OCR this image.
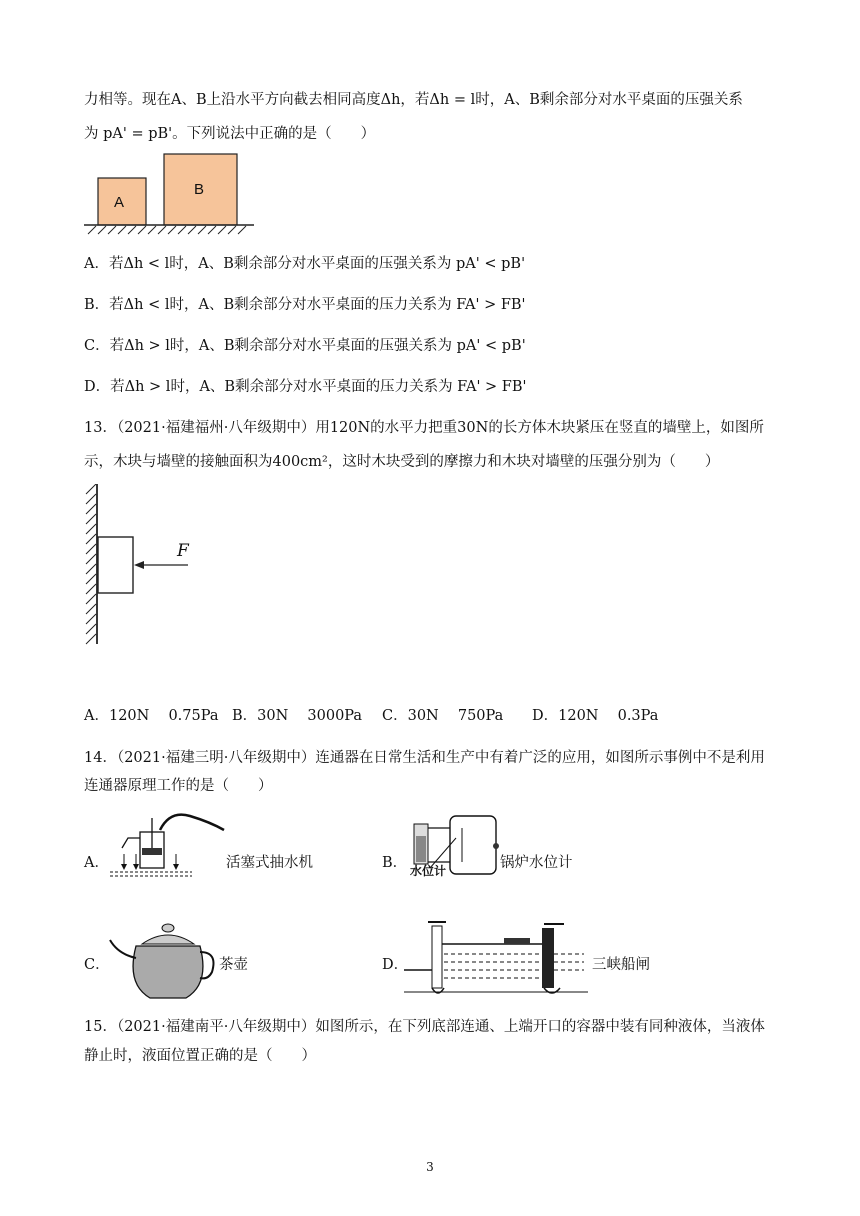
力相等。现在A、B上沿水平方向截去相同高度Δh，若Δh = l时，A、B剩余部分对水平桌面的压强关系
为 pA' = pB'。下列说法中正确的是（　　）
A
B
A．若Δh < l时，A、B剩余部分对水平桌面的压强关系为 pA' < pB'
B．若Δh < l时，A、B剩余部分对水平桌面的压力关系为 FA' > FB'
C．若Δh > l时，A、B剩余部分对水平桌面的压强关系为 pA' < pB'
D．若Δh > l时，A、B剩余部分对水平桌面的压力关系为 FA' > FB'
13．（2021·福建福州·八年级期中）用120N的水平力把重30N的长方体木块紧压在竖直的墙壁上，如图所
示，木块与墙壁的接触面积为400cm²，这时木块受到的摩擦力和木块对墙壁的压强分别为（　　）
F
A．120N　 0.75Pa B．30N　 3000Pa C．30N　 750Pa D．120N　 0.3Pa
14．（2021·福建三明·八年级期中）连通器在日常生活和生产中有着广泛的应用，如图所示事例中不是利用
连通器原理工作的是（　　）
A．	活塞式抽水机	B． 水位计	锅炉水位计
C．	茶壶	D．	三峡船闸
15．（2021·福建南平·八年级期中）如图所示，在下列底部连通、上端开口的容器中装有同种液体，当液体
静止时，液面位置正确的是（　　）
3
